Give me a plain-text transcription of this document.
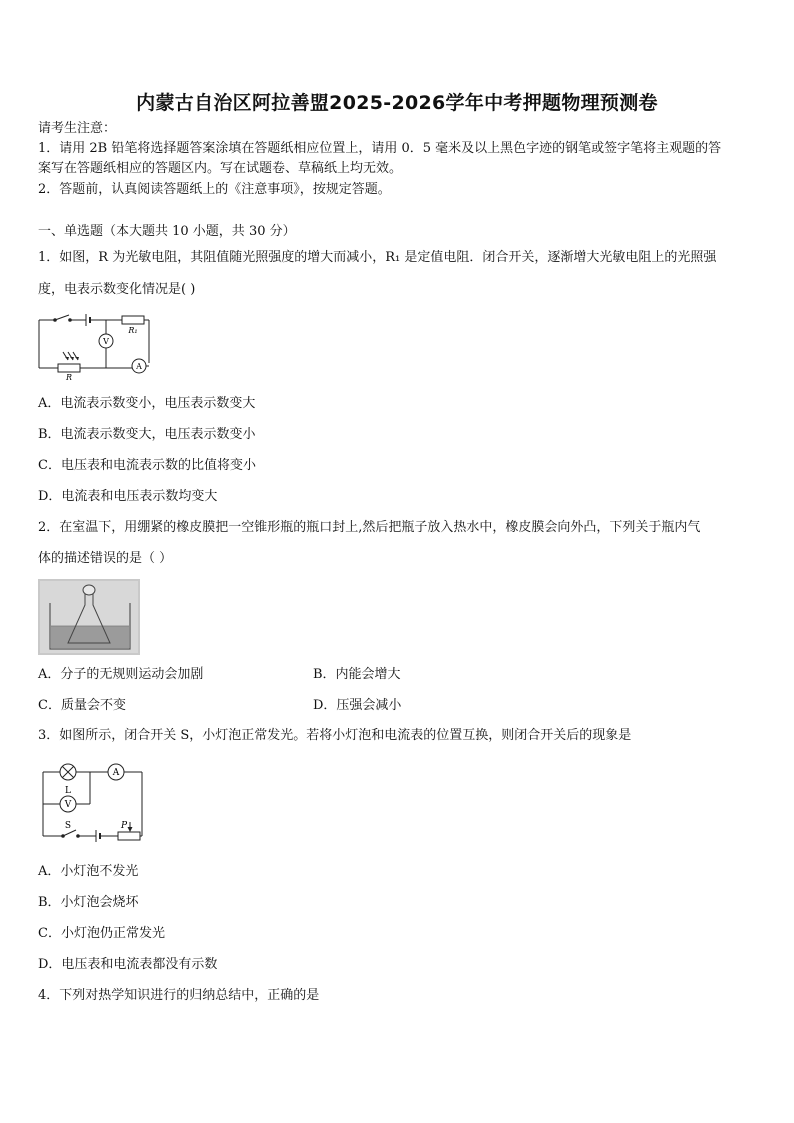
内蒙古自治区阿拉善盟2025-2026学年中考押题物理预测卷
请考生注意：
1．请用 2B 铅笔将选择题答案涂填在答题纸相应位置上，请用 0．5 毫米及以上黑色字迹的钢笔或签字笔将主观题的答
案写在答题纸相应的答题区内。写在试题卷、草稿纸上均无效。
2．答题前，认真阅读答题纸上的《注意事项》，按规定答题。
一、单选题（本大题共 10 小题，共 30 分）
1．如图，R 为光敏电阻，其阻值随光照强度的增大而减小，R₁ 是定值电阻．闭合开关，逐渐增大光敏电阻上的光照强
度，电表示数变化情况是( )
R₁
R
V
A
A．电流表示数变小，电压表示数变大
B．电流表示数变大，电压表示数变小
C．电压表和电流表示数的比值将变小
D．电流表和电压表示数均变大
2．在室温下，用绷紧的橡皮膜把一空锥形瓶的瓶口封上,然后把瓶子放入热水中，橡皮膜会向外凸，下列关于瓶内气
体的描述错误的是（ ）
A．分子的无规则运动会加剧	B．内能会增大
C．质量会不变	D．压强会减小
3．如图所示，闭合开关 S，小灯泡正常发光。若将小灯泡和电流表的位置互换，则闭合开关后的现象是
L
V
A
S	P
A．小灯泡不发光
B．小灯泡会烧坏
C．小灯泡仍正常发光
D．电压表和电流表都没有示数
4．下列对热学知识进行的归纳总结中，正确的是
